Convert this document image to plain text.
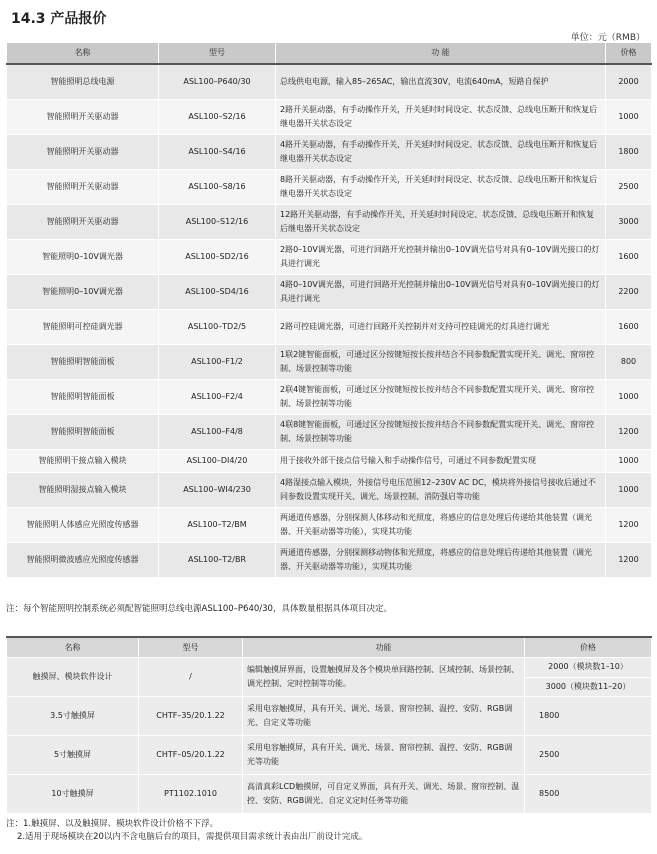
14.3 产品报价
单位：元（RMB）
名称	型号	功 能	价格
智能照明总线电源	ASL100–P640/30	总线供电电源，输入85–265AC，输出直流30V，电流640mA，短路自保护	2000
智能照明开关驱动器	ASL100–S2/16	2路开关驱动器，有手动操作开关，开关延时时间设定、状态反馈、总线电压断开和恢复后继电器开关状态设定	1000
智能照明开关驱动器	ASL100–S4/16	4路开关驱动器，有手动操作开关，开关延时时间设定、状态反馈、总线电压断开和恢复后继电器开关状态设定	1800
智能照明开关驱动器	ASL100–S8/16	8路开关驱动器，有手动操作开关，开关延时时间设定、状态反馈、总线电压断开和恢复后继电器开关状态设定	2500
智能照明开关驱动器	ASL100–S12/16	12路开关驱动器，有手动操作开关，开关延时时间设定、状态反馈、总线电压断开和恢复后继电器开关状态设定	3000
智能照明0–10V调光器	ASL100–SD2/16	2路0–10V调光器，可进行回路开光控制并输出0–10V调光信号对具有0–10V调光接口的灯具进行调光	1600
智能照明0–10V调光器	ASL100–SD4/16	4路0–10V调光器，可进行回路开光控制并输出0–10V调光信号对具有0–10V调光接口的灯具进行调光	2200
智能照明可控硅调光器	ASL100–TD2/5	2路可控硅调光器，可进行回路开关控制并对支持可控硅调光的灯具进行调光	1600
智能照明智能面板	ASL100–F1/2	1联2键智能面板，可通过区分按键短按长按并结合不同参数配置实现开关、调光、窗帘控制、场景控制等功能	800
智能照明智能面板	ASL100–F2/4	2联4键智能面板，可通过区分按键短按长按并结合不同参数配置实现开关、调光、窗帘控制、场景控制等功能	1000
智能照明智能面板	ASL100–F4/8	4联8键智能面板，可通过区分按键短按长按并结合不同参数配置实现开关、调光、窗帘控制、场景控制等功能	1200
智能照明干接点输入模块	ASL100–DI4/20	用于接收外部干接点信号输入和手动操作信号，可通过不同参数配置实现	1000
智能照明湿接点输入模块	ASL100–WI4/230	4路湿接点输入模块，外接信号电压范围12–230V AC DC，模块将外接信号接收后通过不同参数设置实现开关、调光、场景控制、消防强启等功能	1000
智能照明人体感应光照度传感器	ASL100–T2/BM	两通道传感器，分别探测人体移动和光照度，将感应的信息处理后传递给其他装置（调光器、开关驱动器等功能），实现其功能	1200
智能照明微波感应光照度传感器	ASL100–T2/BR	两通道传感器，分别探测移动物体和光照度，将感应的信息处理后传递给其他装置（调光器、开关驱动器等功能），实现其功能	1200
注：每个智能照明控制系统必须配智能照明总线电源ASL100–P640/30，具体数量根据具体项目决定。
名称	型号	功能	价格
触摸屏、模块软件设计	/	编辑触摸屏界面，设置触摸屏及各个模块单回路控制、区域控制、场景控制、调光控制、定时控制等功能。	2000（模块数1–10）
			3000（模块数11–20）
3.5寸触摸屏	CHTF–35/20.1.22	采用电容触摸屏，具有开关、调光、场景、窗帘控制、温控、安防、RGB调光、自定义等功能	1800
5寸触摸屏	CHTF–05/20.1.22	采用电容触摸屏，具有开关、调光、场景、窗帘控制、温控、安防、RGB调光等功能	2500
10寸触摸屏	PT1102.1010	高清真彩LCD触摸屏，可自定义界面，具有开关、调光、场景、窗帘控制、温控、安防、RGB调光、自定义定时任务等功能	8500
注：1.触摸屏、以及触摸屏、模块软件设计价格不下浮。
2.适用于现场模块在20以内不含电脑后台的项目，需提供项目需求统计表由出厂前设计完成。
